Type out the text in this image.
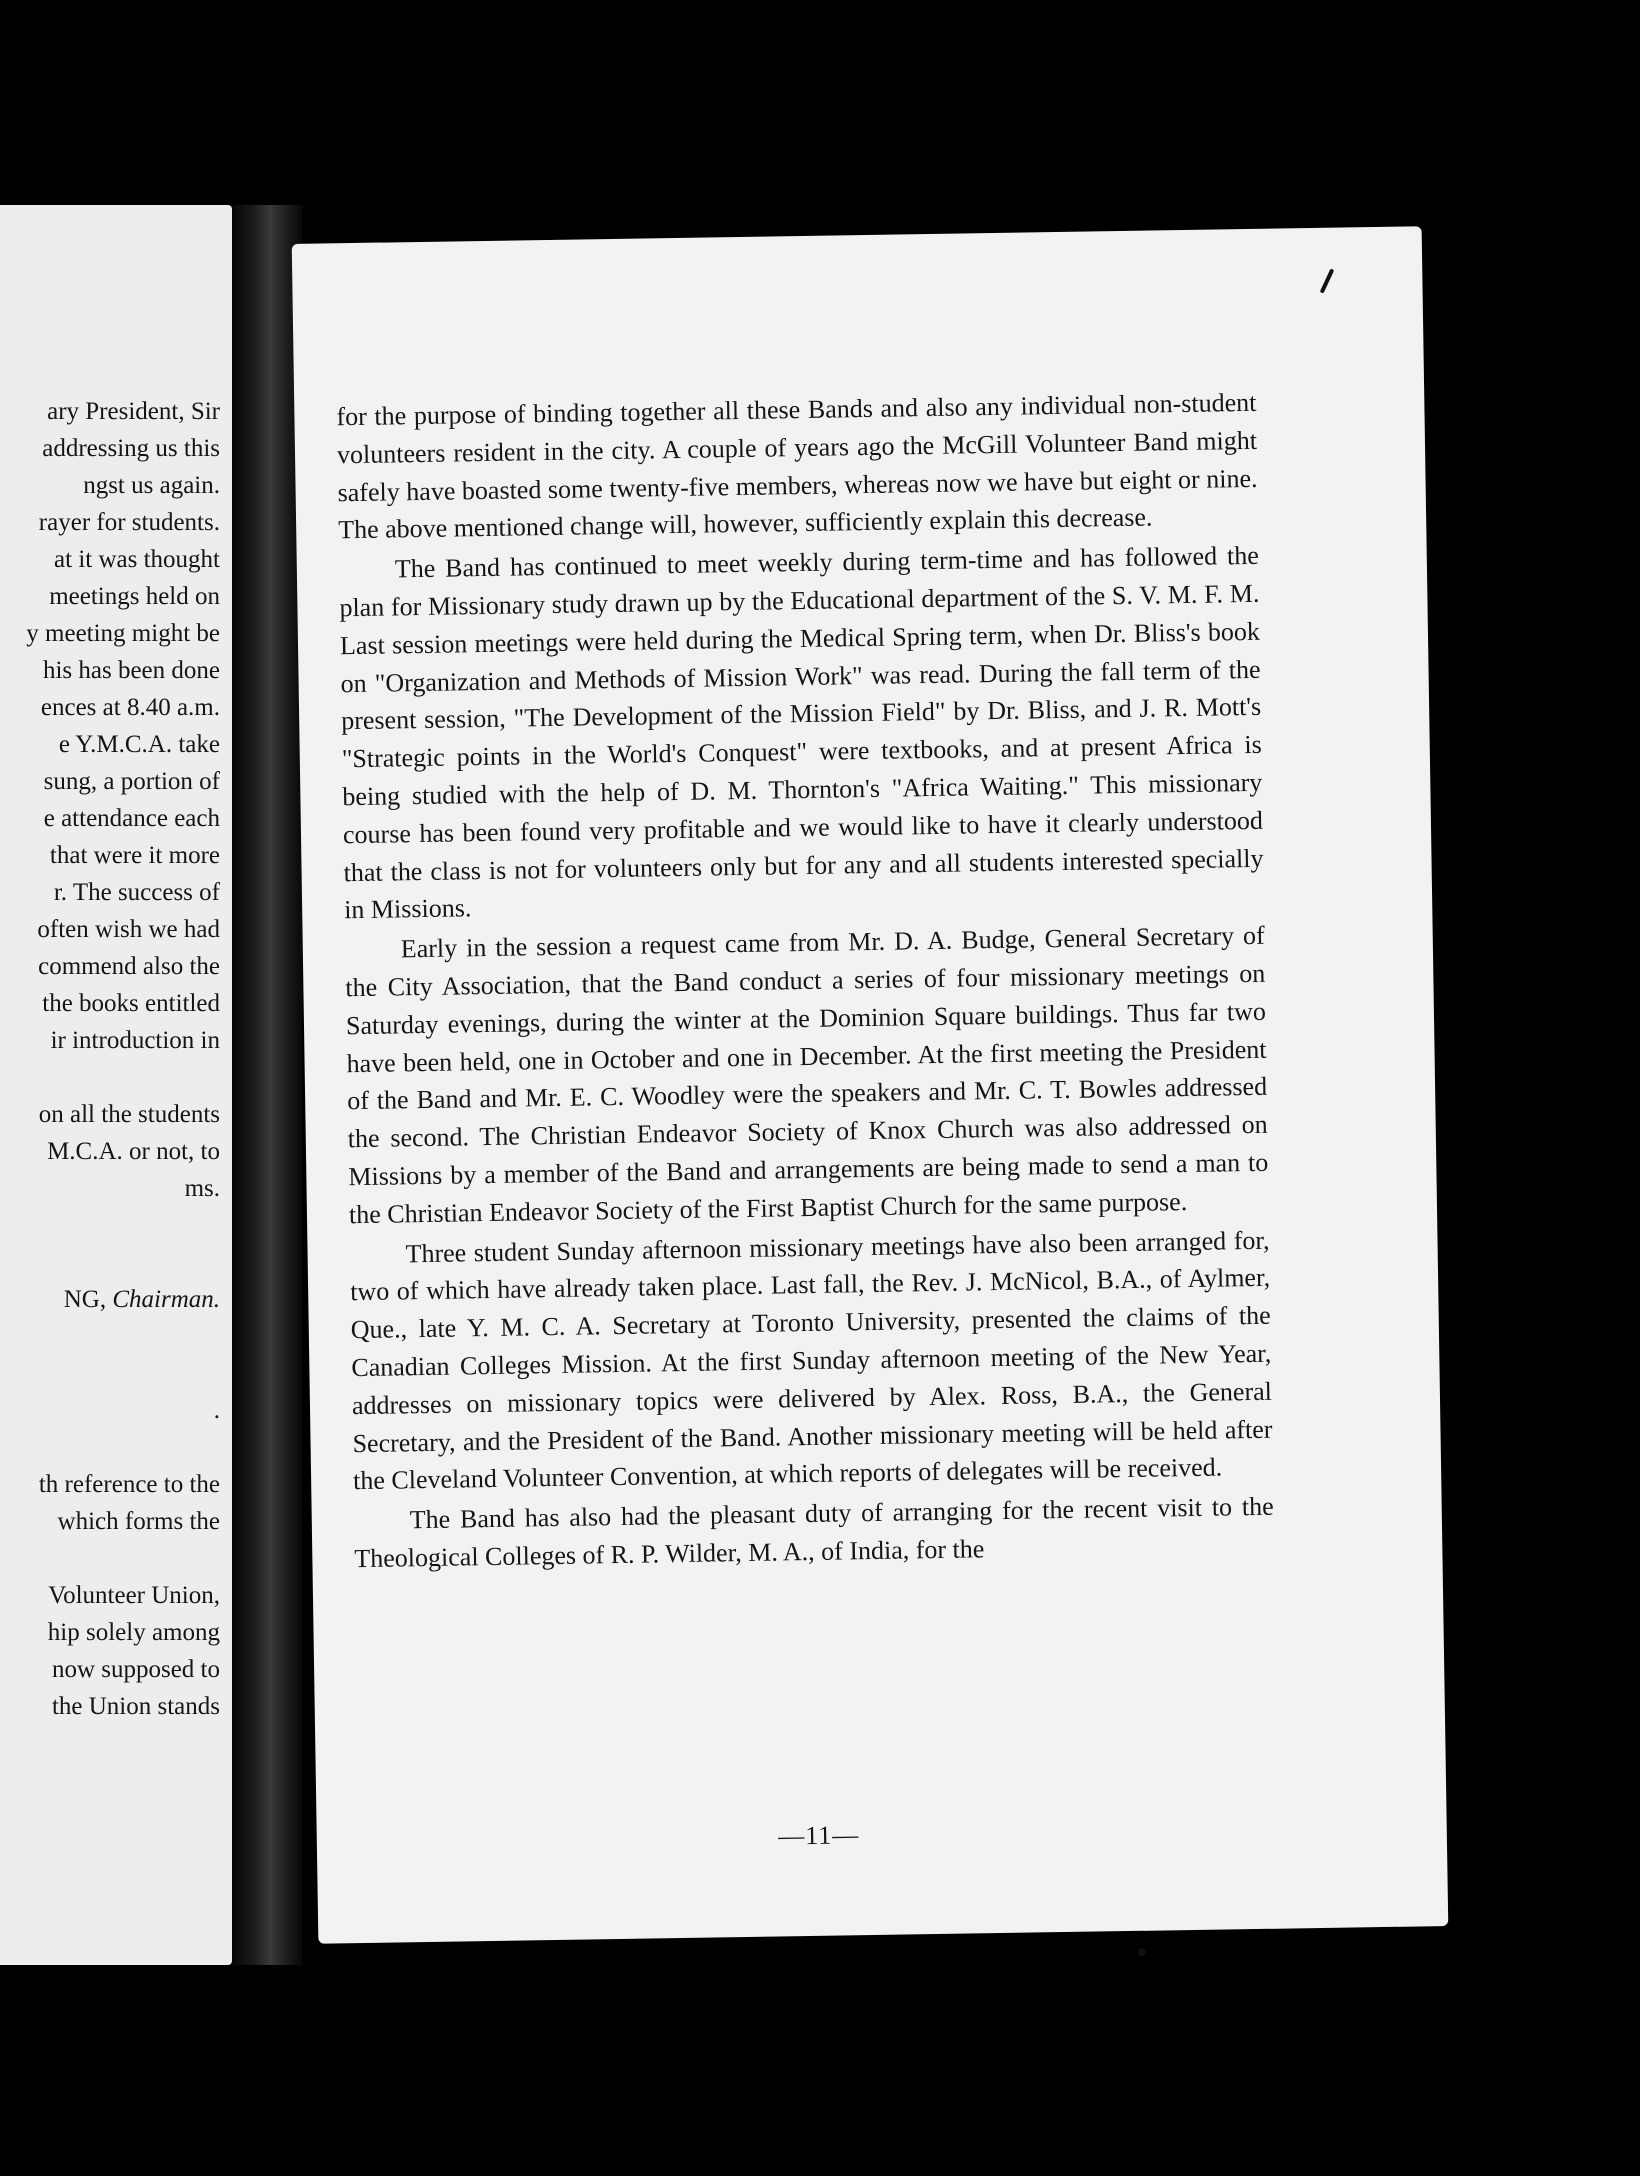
ary President, Sir
addressing us this
ngst us again.
rayer for students.
at it was thought
meetings held on
y meeting might be
his has been done
ences at 8.40 a.m.
e Y.M.C.A. take
sung, a portion of
e attendance each
that were it more
r. The success of
often wish we had
commend also the
the books entitled
ir introduction in
on all the students
M.C.A. or not, to
ms.
NG, Chairman.
.
th reference to the
which forms the
Volunteer Union,
hip solely among
now supposed to
the Union stands

for the purpose of binding together all these Bands and also any individual non-student volunteers resident in the city. A couple of years ago the McGill Volunteer Band might safely have boasted some twenty-five members, whereas now we have but eight or nine. The above mentioned change will, however, sufficiently explain this decrease.

The Band has continued to meet weekly during term-time and has followed the plan for Missionary study drawn up by the Educational department of the S. V. M. F. M. Last session meetings were held during the Medical Spring term, when Dr. Bliss's book on "Organization and Methods of Mission Work" was read. During the fall term of the present session, "The Development of the Mission Field" by Dr. Bliss, and J. R. Mott's "Strategic points in the World's Conquest" were textbooks, and at present Africa is being studied with the help of D. M. Thornton's "Africa Waiting." This missionary course has been found very profitable and we would like to have it clearly understood that the class is not for volunteers only but for any and all students interested specially in Missions.

Early in the session a request came from Mr. D. A. Budge, General Secretary of the City Association, that the Band conduct a series of four missionary meetings on Saturday evenings, during the winter at the Dominion Square buildings. Thus far two have been held, one in October and one in December. At the first meeting the President of the Band and Mr. E. C. Woodley were the speakers and Mr. C. T. Bowles addressed the second. The Christian Endeavor Society of Knox Church was also addressed on Missions by a member of the Band and arrangements are being made to send a man to the Christian Endeavor Society of the First Baptist Church for the same purpose.

Three student Sunday afternoon missionary meetings have also been arranged for, two of which have already taken place. Last fall, the Rev. J. McNicol, B.A., of Aylmer, Que., late Y. M. C. A. Secretary at Toronto University, presented the claims of the Canadian Colleges Mission. At the first Sunday afternoon meeting of the New Year, addresses on missionary topics were delivered by Alex. Ross, B.A., the General Secretary, and the President of the Band. Another missionary meeting will be held after the Cleveland Volunteer Convention, at which reports of delegates will be received.

The Band has also had the pleasant duty of arranging for the recent visit to the Theological Colleges of R. P. Wilder, M. A., of India, for the

—11—
